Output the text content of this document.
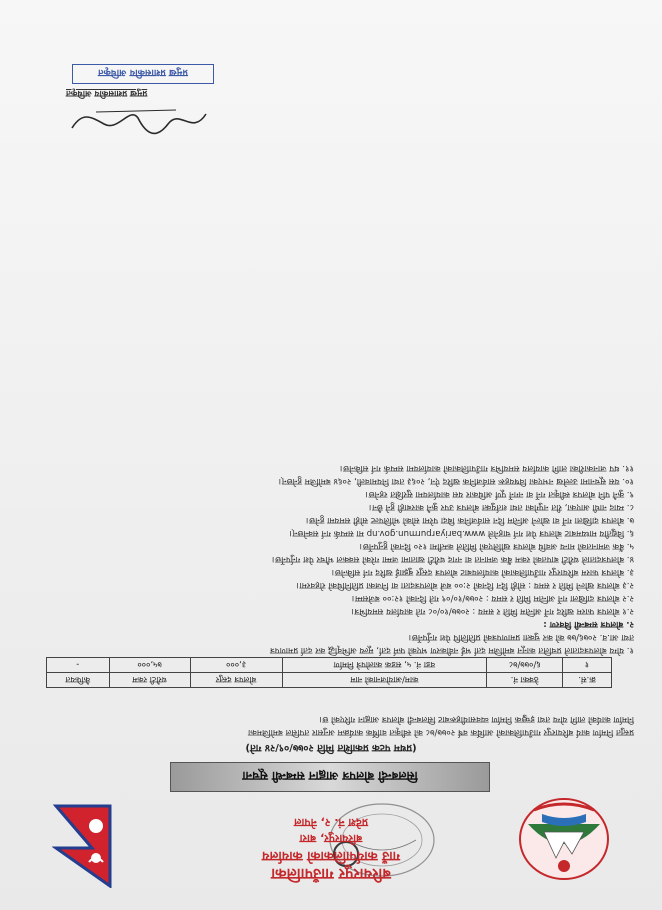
बरियारपुर गाउँपालिका
गाउँ कार्यपालिकाको कार्यालय
बरियारपुर, बारा
प्रदेश नं. २, नेपाल
सिलबन्दी बोलपत्र आह्वान सम्बन्धी सूचना
(प्रथम पटक प्रकाशित मिति २०७७/०९/२४ गते)
प्रस्तुत निर्माण कार्य बरियारपुर गाउँपालिकाको आर्थिक वर्ष २०७७/७८ को स्वीकृत वार्षिक कार्यक्रम अनुसार तपसिल बमोजिमका
निर्माण कार्यको लागि योग्य तथा इच्छुक निर्माण व्यवसायीहरूबाट सिलबन्दी बोलपत्र आह्वान गरिएको छ।
क्र.सं.	ठेक्का नं.	काम/आयोजनाको नाम	बोलपत्र दस्तुर	धरौटी रकम	कैफियत
१	६/०७७/७८	वडा नं. ५, सडक कालोपत्रे निर्माण	३,०००	७५,०००	-
१. योग्य बोलपत्रदाताले प्रचलित कानून बमोजिम दर्ता भई नवीकरण भएको फर्म दर्ता, मूल्य अभिवृद्धि कर दर्ता प्रमाणपत्र
तथा आ.व. २०७६/७७ को कर चुक्ता प्रमाणपत्रको प्रतिलिपि पेश गर्नुपर्नेछ।
२. बोलपत्र सम्बन्धी विवरण :
२.१ बोलपत्र फारम खरिद गर्ने अन्तिम मिति र समय : २०७७/१०/०८ गते कार्यालय समयभित्र।
२.२ बोलपत्र दाखिला गर्ने अन्तिम मिति र समय : २०७७/१०/०९ गते दिनको १२:०० बजेसम्म।
२.३ बोलपत्र खोल्ने मिति र समय : सोही दिन दिनको २:०० बजे बोलपत्रदाता वा निजका प्रतिनिधिको रोहवरमा।
३. बोलपत्र फारम बरियारपुर गाउँपालिकाको कार्यालयबाट बोलपत्र दस्तुर बुझाई खरिद गर्न सकिनेछ।
४. बोलपत्रदाताले धरौटी बापतको रकम बैंक जमानत वा नगद धरौटी खातामा जम्मा गरेको सक्कल भौचर पेश गर्नुपर्नेछ।
५. बैंक जमानतको मान्य अवधि बोलपत्र खोलिएको मितिले कम्तीमा १२० दिनको हुनुपर्नेछ।
६. विद्युतीय माध्यमबाट बोलपत्र पेश गर्न चाहनेले www.bariyarpurmun.gov.np मा सम्पर्क गर्न सक्नेछन्।
७. बोलपत्र दाखिला गर्ने वा खोल्ने अन्तिम दिन सार्वजनिक बिदा परेमा सोको भोलिपल्ट सोही समयमा हुनेछ।
८. म्याद नाघी आएका, रीत नपुगेका तथा शर्तयुक्त बोलपत्र उपर कुनै कारबाही हुने छैन।
९. कुनै पनि बोलपत्र स्वीकृत गर्ने वा नगर्ने पूर्ण अधिकार यस कार्यालयमा सुरक्षित रहनेछ।
१०. यस सूचनामा उल्लेख नभएका विषयहरू सार्वजनिक खरिद ऐन, २०६३ तथा नियमावली, २०६४ बमोजिम हुनेछन्।
११. थप जानकारीका लागि कार्यालय समयभित्र गाउँपालिकाको कार्यालयमा सम्पर्क गर्न सकिनेछ।
प्रमुख प्रशासकीय अधिकृत
प्रमुख प्रशासकीय अधिकृत
